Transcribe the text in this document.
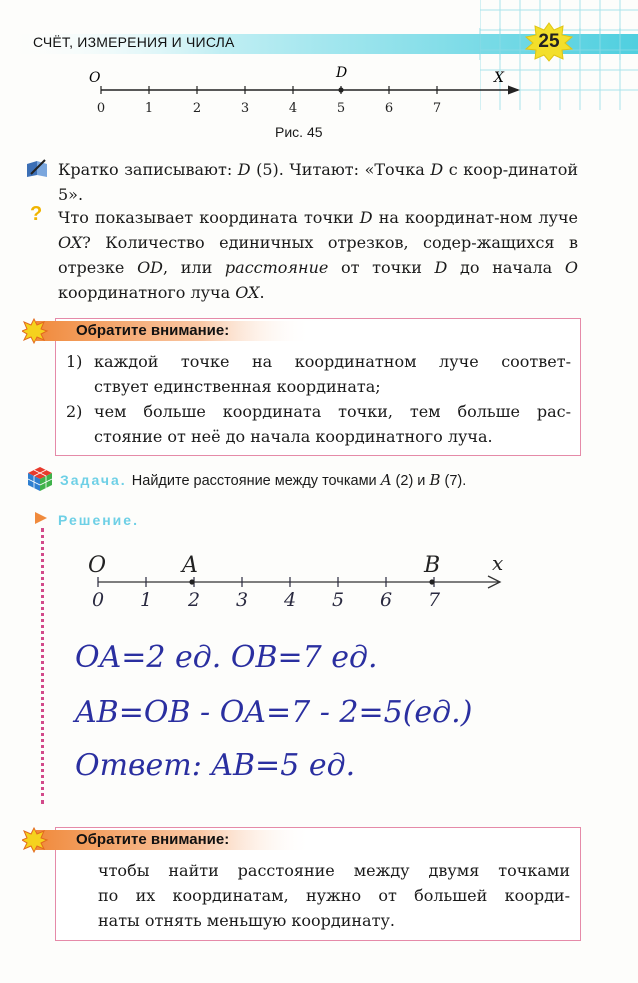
СЧЁТ, ИЗМЕРЕНИЯ И ЧИСЛА	25
0	1	2	3	4	5	6	7
O	D	X
Рис. 45
Кратко записывают: D (5). Читают: «Точка D с коор-динатой 5».
? Что показывает координата точки D на координат-ном луче OX? Количество единичных отрезков, содер-жащихся в отрезке OD, или расстояние от точки D до начала O координатного луча OX.
Обратите внимание:
1) каждой точке на координатном луче соответ-
ствует единственная координата;
2) чем больше координата точки, тем больше рас-
стояние от неё до начала координатного луча.
Задача. Найдите расстояние между точками A (2) и B (7).
Решение.
0 1 2 3 4 5 6 7
O	A	B	x
OA=2 ед. OB=7 ед.
AB=OB - OA=7 - 2=5(ед.)
Ответ: AB=5 ед.
Обратите внимание:
чтобы найти расстояние между двумя точками
по их координатам, нужно от большей коорди-
наты отнять меньшую координату.
